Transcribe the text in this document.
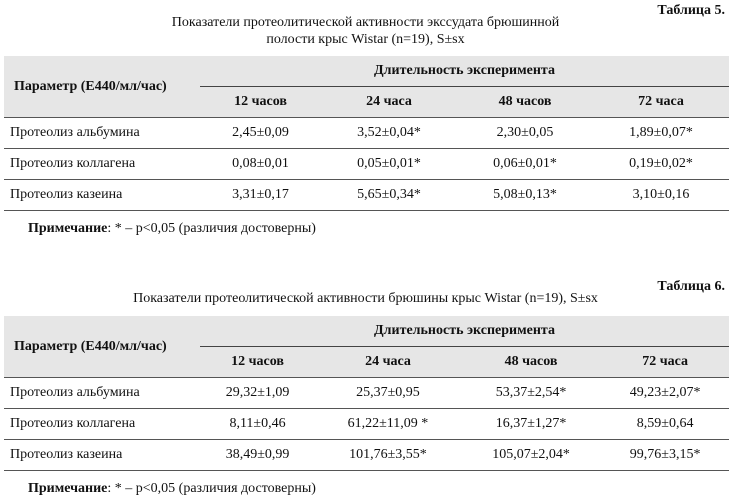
Таблица 5.
Показатели протеолитической активности экссудата брюшинной
полости крыс Wistar (n=19), S±sx
Параметр (Е440/мл/час)	Длительность эксперимента			
	12 часов	24 часа	48 часов	72 часа
Протеолиз альбумина	2,45±0,09	3,52±0,04*	2,30±0,05	1,89±0,07*
Протеолиз коллагена	0,08±0,01	0,05±0,01*	0,06±0,01*	0,19±0,02*
Протеолиз казеина	3,31±0,17	5,65±0,34*	5,08±0,13*	3,10±0,16
Примечание: * – p<0,05 (различия достоверны)
Таблица 6.
Показатели протеолитической активности брюшины крыс Wistar (n=19), S±sx
Параметр (Е440/мл/час)	Длительность эксперимента			
	12 часов	24 часа	48 часов	72 часа
Протеолиз альбумина	29,32±1,09	25,37±0,95	53,37±2,54*	49,23±2,07*
Протеолиз коллагена	8,11±0,46	61,22±11,09 *	16,37±1,27*	8,59±0,64
Протеолиз казеина	38,49±0,99	101,76±3,55*	105,07±2,04*	99,76±3,15*
Примечание: * – p<0,05 (различия достоверны)
